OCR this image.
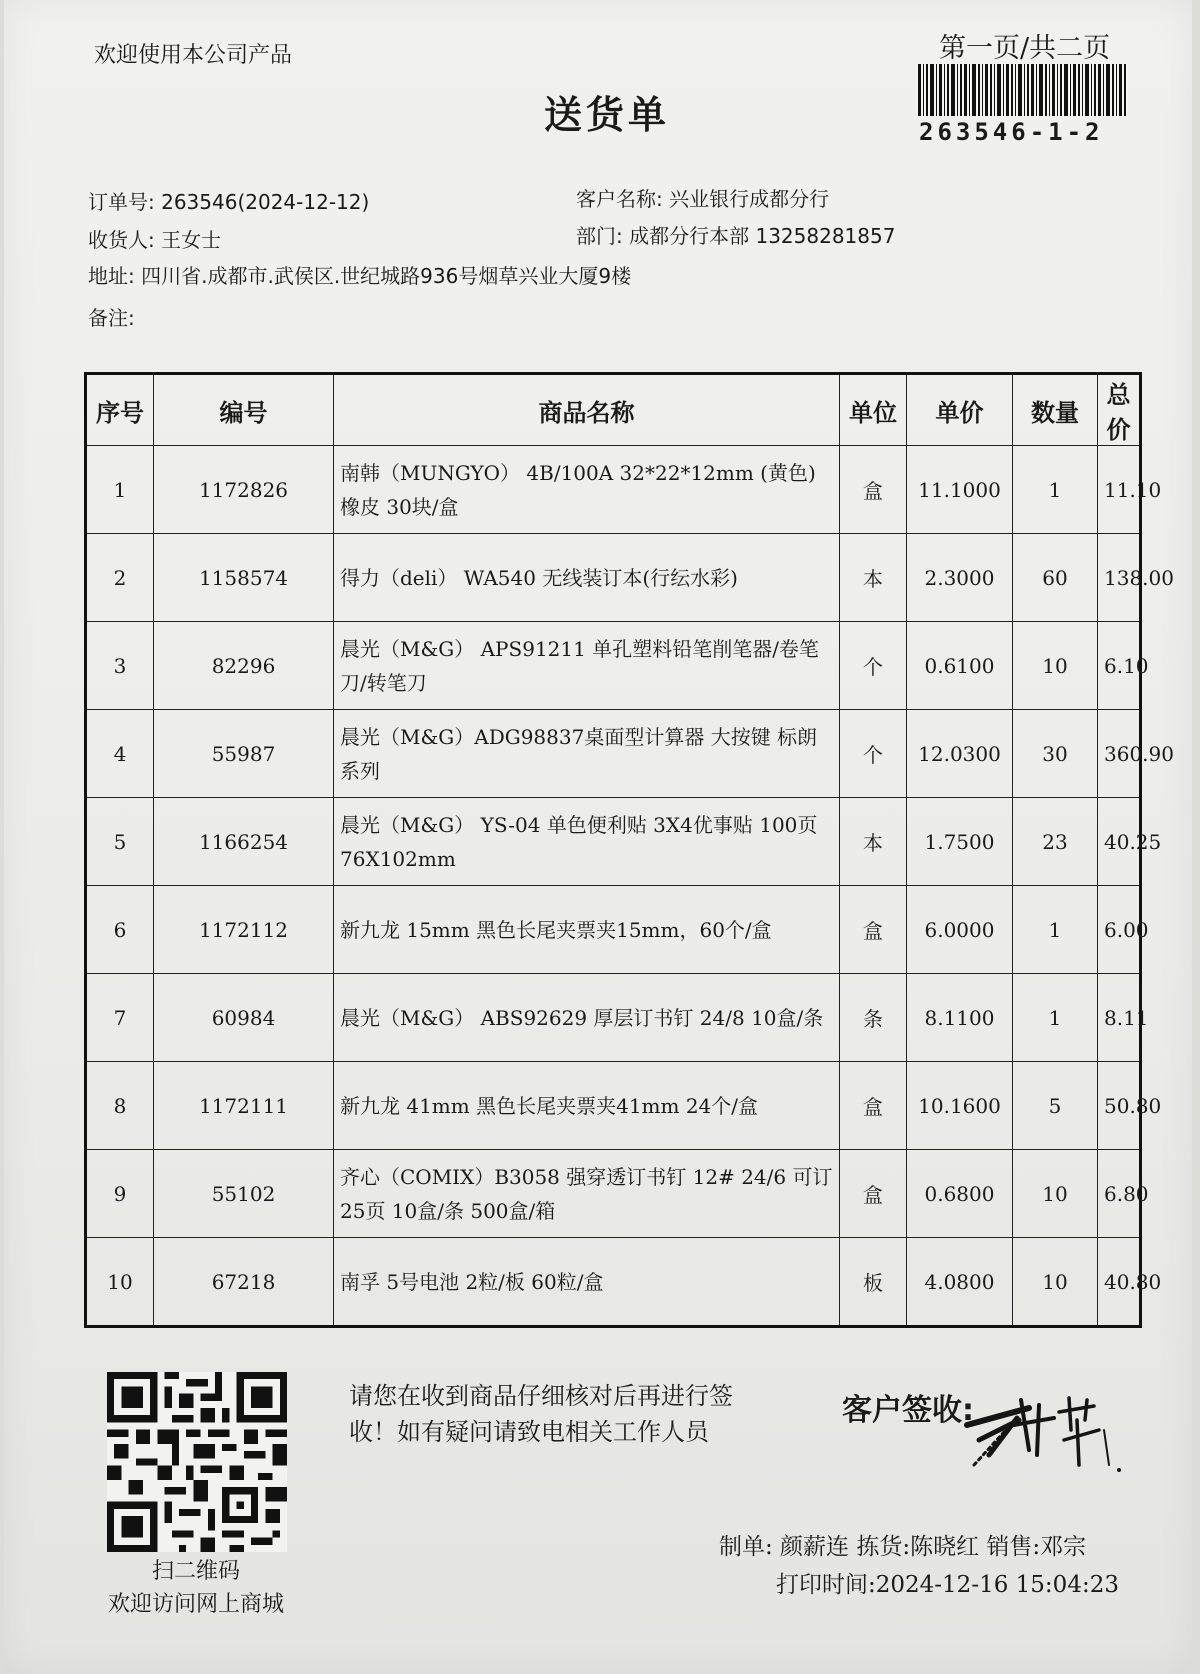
欢迎使用本公司产品	第一页/共二页
263546-1-2
送货单
订单号: 263546(2024-12-12)	客户名称: 兴业银行成都分行
收货人: 王女士	部门: 成都分行本部 13258281857
地址: 四川省.成都市.武侯区.世纪城路936号烟草兴业大厦9楼
备注:
序号	编号	商品名称	单位	单价	数量	总价
1	1172826	南韩（MUNGYO） 4B/100A 32*22*12mm (黄色)橡皮 30块/盒	盒	11.1000	1	11.10
2	1158574	得力（deli） WA540 无线装订本(行纭水彩)	本	2.3000	60	138.00
3	82296	晨光（M&G） APS91211 单孔塑料铅笔削笔器/卷笔刀/转笔刀	个	0.6100	10	6.10
4	55987	晨光（M&G）ADG98837桌面型计算器 大按键 标朗系列	个	12.0300	30	360.90
5	1166254	晨光（M&G） YS-04 单色便利贴 3X4优事贴 100页 76X102mm	本	1.7500	23	40.25
6	1172112	新九龙 15mm 黑色长尾夹票夹15mm，60个/盒	盒	6.0000	1	6.00
7	60984	晨光（M&G） ABS92629 厚层订书钉 24/8 10盒/条	条	8.1100	1	8.11
8	1172111	新九龙 41mm 黑色长尾夹票夹41mm 24个/盒	盒	10.1600	5	50.80
9	55102	齐心（COMIX）B3058 强穿透订书钉 12# 24/6 可订25页 10盒/条 500盒/箱	盒	0.6800	10	6.80
10	67218	南孚 5号电池 2粒/板 60粒/盒	板	4.0800	10	40.80
扫二维码
欢迎访问网上商城
请您在收到商品仔细核对后再进行签收！如有疑问请致电相关工作人员
客户签收:
制单: 颜薪连 拣货:陈晓红 销售:邓宗
打印时间:2024-12-16 15:04:23
